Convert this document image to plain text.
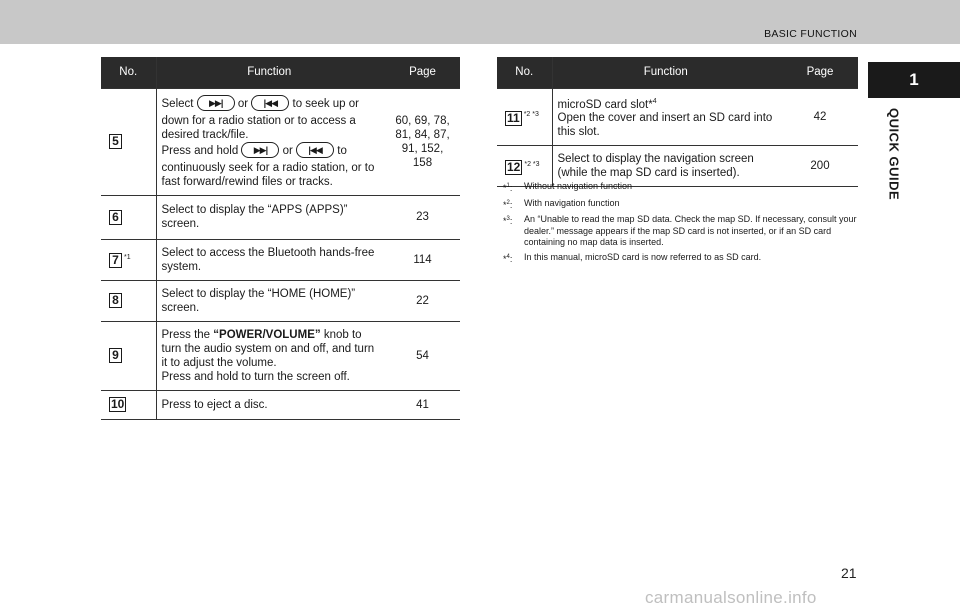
BASIC FUNCTION
1
QUICK GUIDE
No.	Function	Page
5	Select ▶▶| or |◀◀ to seek up or
down for a radio station or to access a desired track/file.
Press and hold ▶▶| or |◀◀ to
continuously seek for a radio station, or to fast forward/rewind files or tracks.	60, 69, 78, 81, 84, 87, 91, 152, 158

6	Select to display the “APPS (APPS)” screen.	23
7 $^{*1}$	Select to access the Bluetooth hands-free system.	114
8	Select to display the “HOME (HOME)” screen.	22
9	Press the “POWER/VOLUME” knob to turn the audio system on and off, and turn it to adjust the volume.
Press and hold to turn the screen off.	54
10	Press to eject a disc.	41
No.	Function	Page
11 $^{*2 *3}$	microSD card slot*$^4$
Open the cover and insert an SD card into this slot.	42
12 $^{*2 *3}$	Select to display the navigation screen (while the map SD card is inserted).	200
*$^1$:	Without navigation function
*$^2$:	With navigation function
*$^3$:	An “Unable to read the map SD data. Check the map SD. If necessary, consult your dealer.” message appears if the map SD card is not inserted, or if an SD card containing no map data is inserted.
*$^4$:	In this manual, microSD card is now referred to as SD card.
21
carmanualsonline.info
